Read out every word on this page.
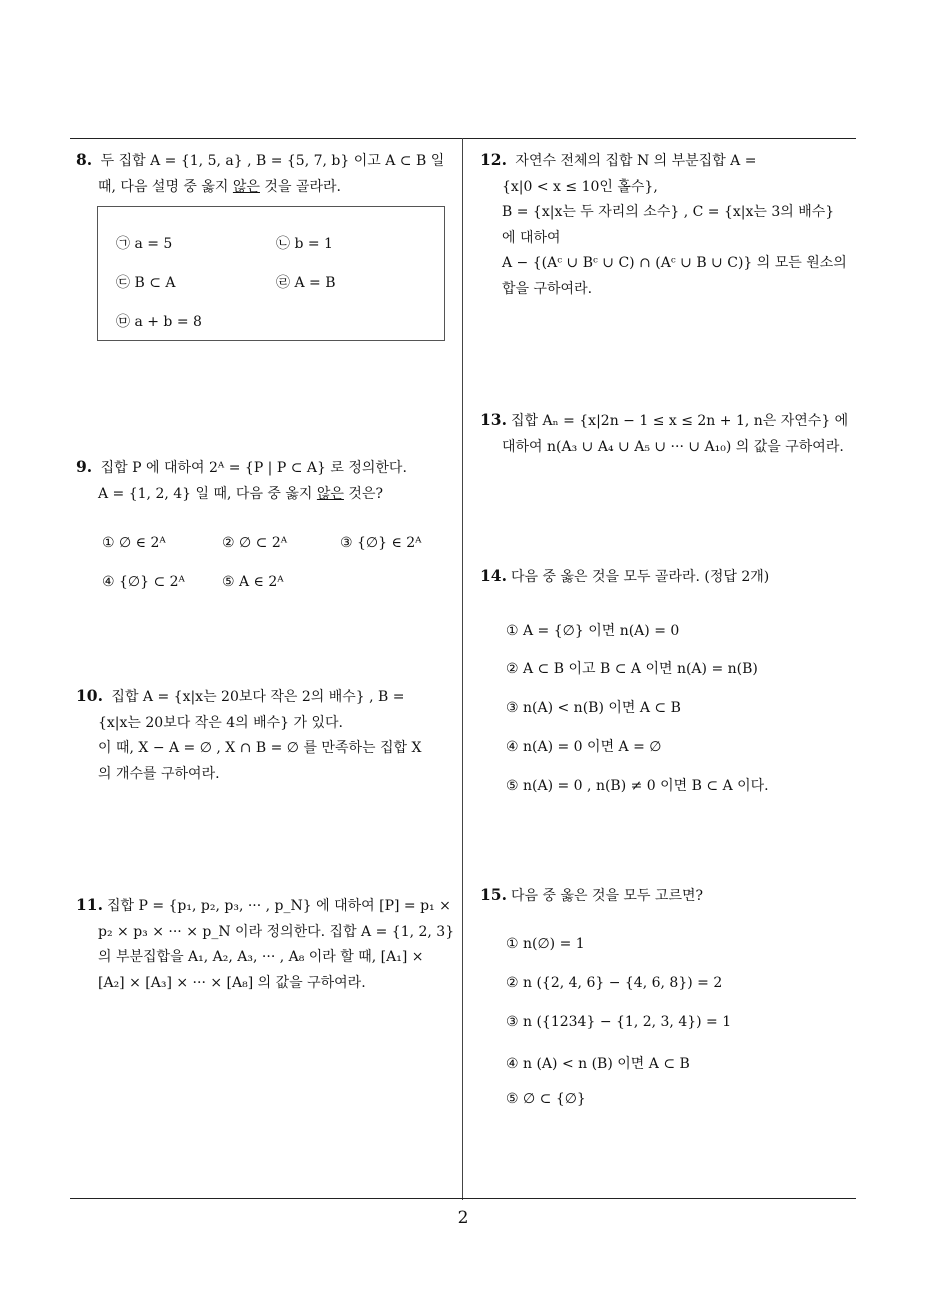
8. 두 집합 A = {1, 5, a} , B = {5, 7, b} 이고 A ⊂ B 일
때, 다음 설명 중 옳지 않은 것을 골라라.
㉠ a = 5	㉡ b = 1
㉢ B ⊂ A	㉣ A = B
㉤ a + b = 8
9. 집합 P 에 대하여 2ᴬ = {P | P ⊂ A} 로 정의한다.
A = {1, 2, 4} 일 때, 다음 중 옳지 않은 것은?
① ∅ ∈ 2ᴬ	② ∅ ⊂ 2ᴬ	③ {∅} ∈ 2ᴬ
④ {∅} ⊂ 2ᴬ	⑤ A ∈ 2ᴬ
10. 집합 A = {x|x는 20보다 작은 2의 배수} , B =
{x|x는 20보다 작은 4의 배수} 가 있다.
이 때, X − A = ∅ , X ∩ B = ∅ 를 만족하는 집합 X
의 개수를 구하여라.
11. 집합 P = {p₁, p₂, p₃, ··· , p_N} 에 대하여 [P] = p₁ ×
p₂ × p₃ × ··· × p_N 이라 정의한다. 집합 A = {1, 2, 3}
의 부분집합을 A₁, A₂, A₃, ··· , A₈ 이라 할 때, [A₁] ×
[A₂] × [A₃] × ··· × [A₈] 의 값을 구하여라.
12. 자연수 전체의 집합 N 의 부분집합 A =
{x|0 < x ≤ 10인 홀수},
B = {x|x는 두 자리의 소수} , C = {x|x는 3의 배수}
에 대하여
A − {(Aᶜ ∪ Bᶜ ∪ C) ∩ (Aᶜ ∪ B ∪ C)} 의 모든 원소의
합을 구하여라.
13. 집합 Aₙ = {x|2n − 1 ≤ x ≤ 2n + 1, n은 자연수} 에
대하여 n(A₃ ∪ A₄ ∪ A₅ ∪ ··· ∪ A₁₀) 의 값을 구하여라.
14. 다음 중 옳은 것을 모두 골라라. (정답 2개)
① A = {∅} 이면 n(A) = 0
② A ⊂ B 이고 B ⊂ A 이면 n(A) = n(B)
③ n(A) < n(B) 이면 A ⊂ B
④ n(A) = 0 이면 A = ∅
⑤ n(A) = 0 , n(B) ≠ 0 이면 B ⊂ A 이다.
15. 다음 중 옳은 것을 모두 고르면?
① n(∅) = 1
② n ({2, 4, 6} − {4, 6, 8}) = 2
③ n ({1234} − {1, 2, 3, 4}) = 1
④ n (A) < n (B) 이면 A ⊂ B
⑤ ∅ ⊂ {∅}
2
